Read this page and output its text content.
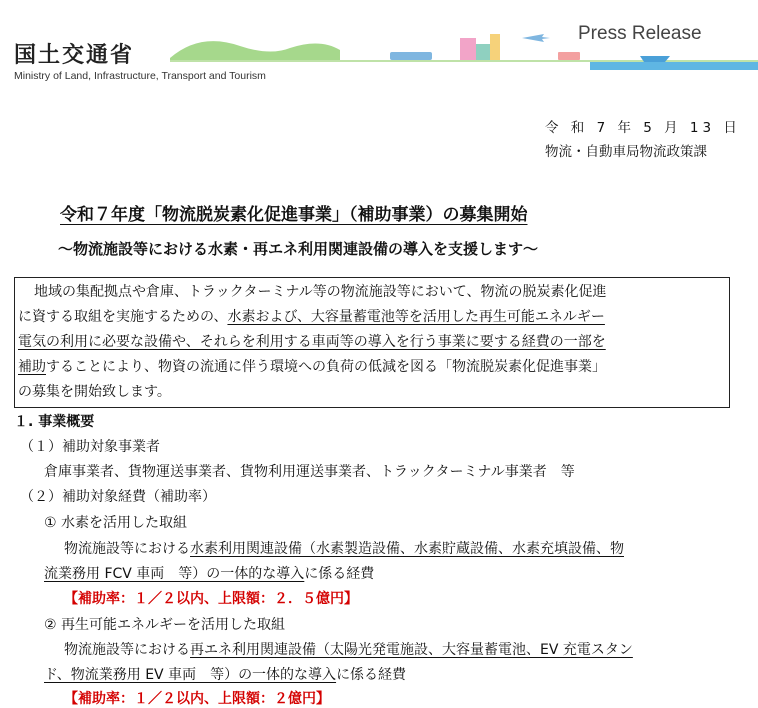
国土交通省
Ministry of Land, Infrastructure, Transport and Tourism
Press Release
令 和 7 年 5 月 13 日
物流・自動車局物流政策課
令和７年度「物流脱炭素化促進事業」（補助事業）の募集開始
～物流施設等における水素・再エネ利用関連設備の導入を支援します～
地域の集配拠点や倉庫、トラックターミナル等の物流施設等において、物流の脱炭素化促進
に資する取組を実施するための、水素および、大容量蓄電池等を活用した再生可能エネルギー
電気の利用に必要な設備や、それらを利用する車両等の導入を行う事業に要する経費の一部を
補助することにより、物資の流通に伴う環境への負荷の低減を図る「物流脱炭素化促進事業」
の募集を開始致します。
１. 事業概要
（１）補助対象事業者
倉庫事業者、貨物運送事業者、貨物利用運送事業者、トラックターミナル事業者　等
（２）補助対象経費（補助率）
① 水素を活用した取組
物流施設等における水素利用関連設備（水素製造設備、水素貯蔵設備、水素充填設備、物
流業務用 FCV 車両　等）の一体的な導入に係る経費
【補助率：１／２以内、上限額：２．５億円】
② 再生可能エネルギーを活用した取組
物流施設等における再エネ利用関連設備（太陽光発電施設、大容量蓄電池、EV 充電スタン
ド、物流業務用 EV 車両　等）の一体的な導入に係る経費
【補助率：１／２以内、上限額：２億円】
